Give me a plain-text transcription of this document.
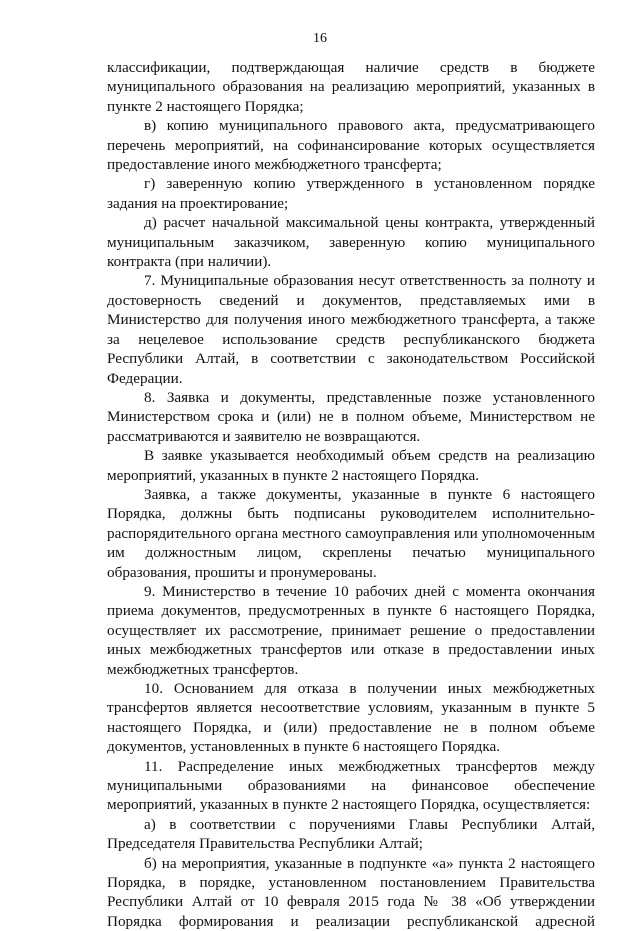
16

классификации, подтверждающая наличие средств в бюджете муниципального образования на реализацию мероприятий, указанных в пункте 2 настоящего Порядка;

в) копию муниципального правового акта, предусматривающего перечень мероприятий, на софинансирование которых осуществляется предоставление иного межбюджетного трансферта;

г) заверенную копию утвержденного в установленном порядке задания на проектирование;

д) расчет начальной максимальной цены контракта, утвержденный муниципальным заказчиком, заверенную копию муниципального контракта (при наличии).

7. Муниципальные образования несут ответственность за полноту и достоверность сведений и документов, представляемых ими в Министерство для получения иного межбюджетного трансферта, а также за нецелевое использование средств республиканского бюджета Республики Алтай, в соответствии с законодательством Российской Федерации.

8. Заявка и документы, представленные позже установленного Министерством срока и (или) не в полном объеме, Министерством не рассматриваются и заявителю не возвращаются.

В заявке указывается необходимый объем средств на реализацию мероприятий, указанных в пункте 2 настоящего Порядка.

Заявка, а также документы, указанные в пункте 6 настоящего Порядка, должны быть подписаны руководителем исполнительно-распорядительного органа местного самоуправления или уполномоченным им должностным лицом, скреплены печатью муниципального образования, прошиты и пронумерованы.

9. Министерство в течение 10 рабочих дней с момента окончания приема документов, предусмотренных в пункте 6 настоящего Порядка, осуществляет их рассмотрение, принимает решение о предоставлении иных межбюджетных трансфертов или отказе в предоставлении иных межбюджетных трансфертов.

10. Основанием для отказа в получении иных межбюджетных трансфертов является несоответствие условиям, указанным в пункте 5 настоящего Порядка, и (или) предоставление не в полном объеме документов, установленных в пункте 6 настоящего Порядка.

11. Распределение иных межбюджетных трансфертов между муниципальными образованиями на финансовое обеспечение мероприятий, указанных в пункте 2 настоящего Порядка, осуществляется:

а) в соответствии с поручениями Главы Республики Алтай, Председателя Правительства Республики Алтай;

б) на мероприятия, указанные в подпункте «а» пункта 2 настоящего Порядка, в порядке, установленном постановлением Правительства Республики Алтай от 10 февраля 2015 года № 38 «Об утверждении Порядка формирования и реализации республиканской адресной
